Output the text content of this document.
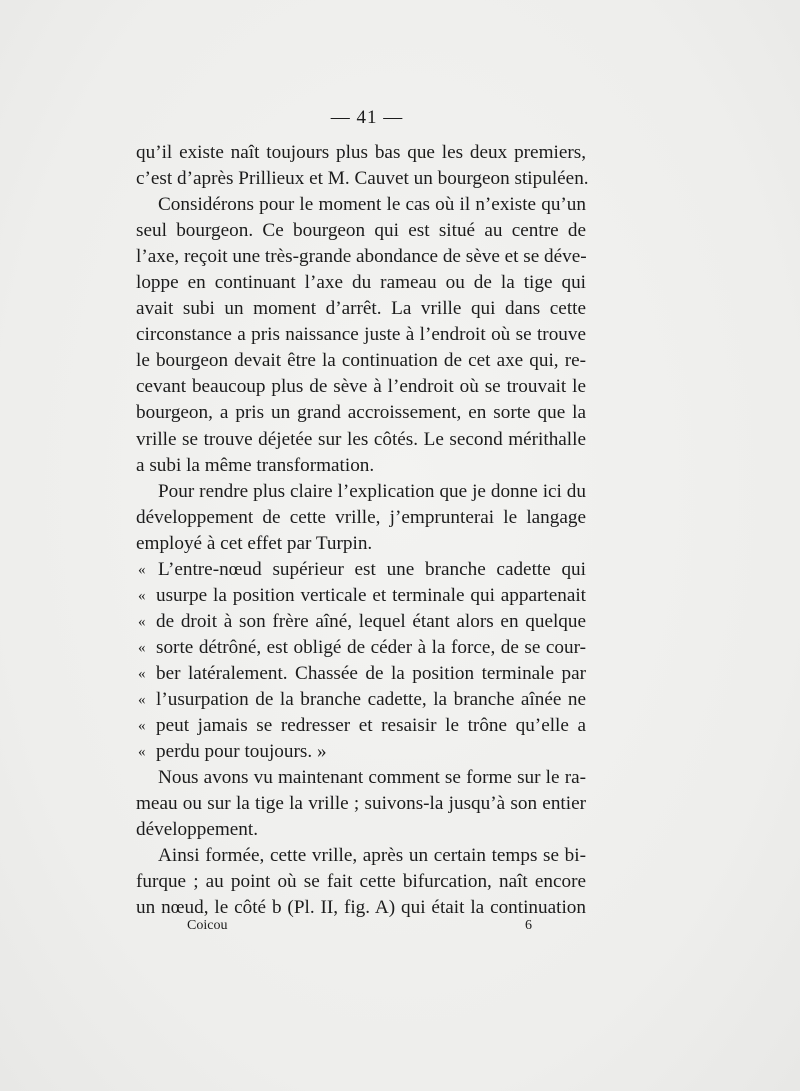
— 41 —
qu’il existe naît toujours plus bas que les deux premiers,
c’est d’après Prillieux et M. Cauvet un bourgeon stipuléen.
Considérons pour le moment le cas où il n’existe qu’un
seul bourgeon. Ce bourgeon qui est situé au centre de
l’axe, reçoit une très-grande abondance de sève et se déve-
loppe en continuant l’axe du rameau ou de la tige qui
avait subi un moment d’arrêt. La vrille qui dans cette
circonstance a pris naissance juste à l’endroit où se trouve
le bourgeon devait être la continuation de cet axe qui, re-
cevant beaucoup plus de sève à l’endroit où se trouvait le
bourgeon, a pris un grand accroissement, en sorte que la
vrille se trouve déjetée sur les côtés. Le second mérithalle
a subi la même transformation.
Pour rendre plus claire l’explication que je donne ici du
développement de cette vrille, j’emprunterai le langage
employé à cet effet par Turpin.
« L’entre-nœud supérieur est une branche cadette qui
« usurpe la position verticale et terminale qui appartenait
« de droit à son frère aîné, lequel étant alors en quelque
« sorte détrôné, est obligé de céder à la force, de se cour-
« ber latéralement. Chassée de la position terminale par
« l’usurpation de la branche cadette, la branche aînée ne
« peut jamais se redresser et resaisir le trône qu’elle a
« perdu pour toujours. »
Nous avons vu maintenant comment se forme sur le ra-
meau ou sur la tige la vrille ; suivons-la jusqu’à son entier
développement.
Ainsi formée, cette vrille, après un certain temps se bi-
furque ; au point où se fait cette bifurcation, naît encore
un nœud, le côté b (Pl. II, fig. A) qui était la continuation
Coicou	6
